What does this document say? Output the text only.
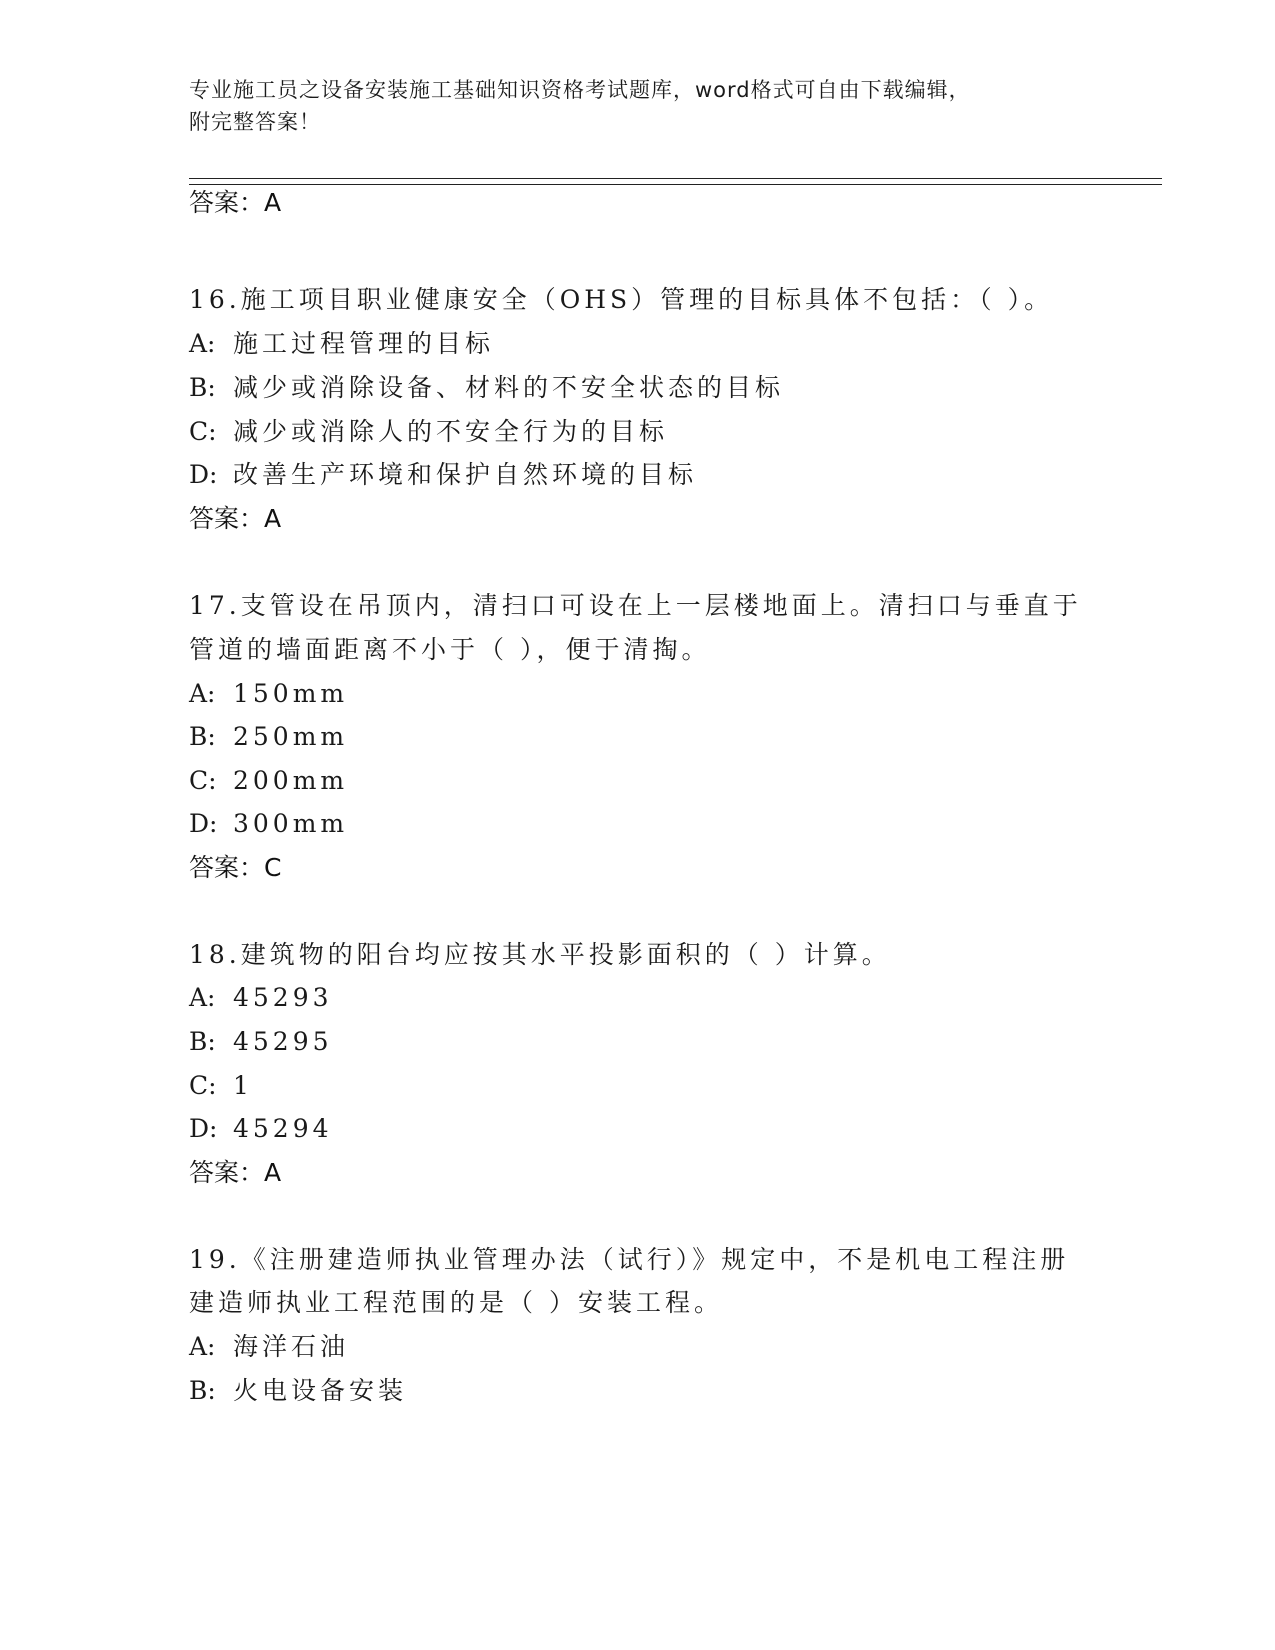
专业施工员之设备安装施工基础知识资格考试题库，word格式可自由下载编辑，
附完整答案！
答案：A
16.施工项目职业健康安全（OHS）管理的目标具体不包括：（ ）。
A: 施工过程管理的目标
B: 减少或消除设备、材料的不安全状态的目标
C: 减少或消除人的不安全行为的目标
D: 改善生产环境和保护自然环境的目标
答案：A
17.支管设在吊顶内，清扫口可设在上一层楼地面上。清扫口与垂直于
管道的墙面距离不小于（ ），便于清掏。
A: 150mm
B: 250mm
C: 200mm
D: 300mm
答案：C
18.建筑物的阳台均应按其水平投影面积的（ ）计算。
A: 45293
B: 45295
C: 1
D: 45294
答案：A
19.《注册建造师执业管理办法（试行）》规定中，不是机电工程注册
建造师执业工程范围的是（ ）安装工程。
A: 海洋石油
B: 火电设备安装
